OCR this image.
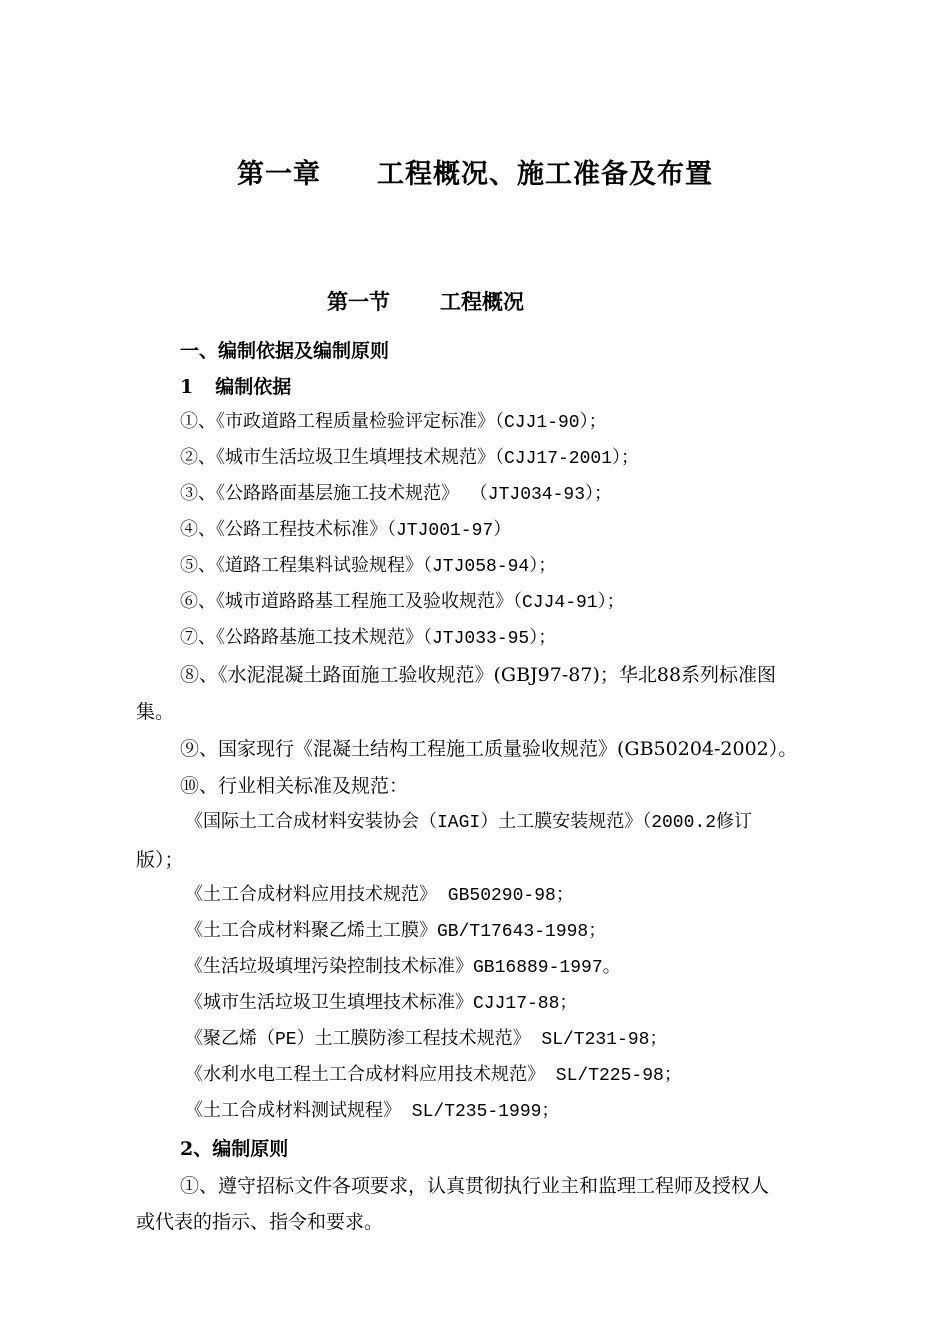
第一章 工程概况、施工准备及布置
第一节 工程概况
一、编制依据及编制原则
1 编制依据
①、《市政道路工程质量检验评定标准》（CJJ1-90）；
②、《城市生活垃圾卫生填埋技术规范》（CJJ17-2001）；
③、《公路路面基层施工技术规范》 （JTJ034-93）；
④、《公路工程技术标准》（JTJ001-97）
⑤、《道路工程集料试验规程》（JTJ058-94）；
⑥、《城市道路路基工程施工及验收规范》（CJJ4-91）；
⑦、《公路路基施工技术规范》（JTJ033-95）；
⑧、《水泥混凝土路面施工验收规范》(GBJ97-87)；华北88系列标准图
集。
⑨、国家现行《混凝土结构工程施工质量验收规范》(GB50204-2002）。
⑩、行业相关标准及规范：
《国际土工合成材料安装协会（IAGI）土工膜安装规范》（2000.2修订
版）；
《土工合成材料应用技术规范》 GB50290-98；
《土工合成材料聚乙烯土工膜》GB/T17643-1998；
《生活垃圾填埋污染控制技术标准》GB16889-1997。
《城市生活垃圾卫生填埋技术标准》CJJ17-88；
《聚乙烯（PE）土工膜防渗工程技术规范》 SL/T231-98；
《水利水电工程土工合成材料应用技术规范》 SL/T225-98；
《土工合成材料测试规程》 SL/T235-1999；
2、编制原则
①、遵守招标文件各项要求，认真贯彻执行业主和监理工程师及授权人
或代表的指示、指令和要求。
